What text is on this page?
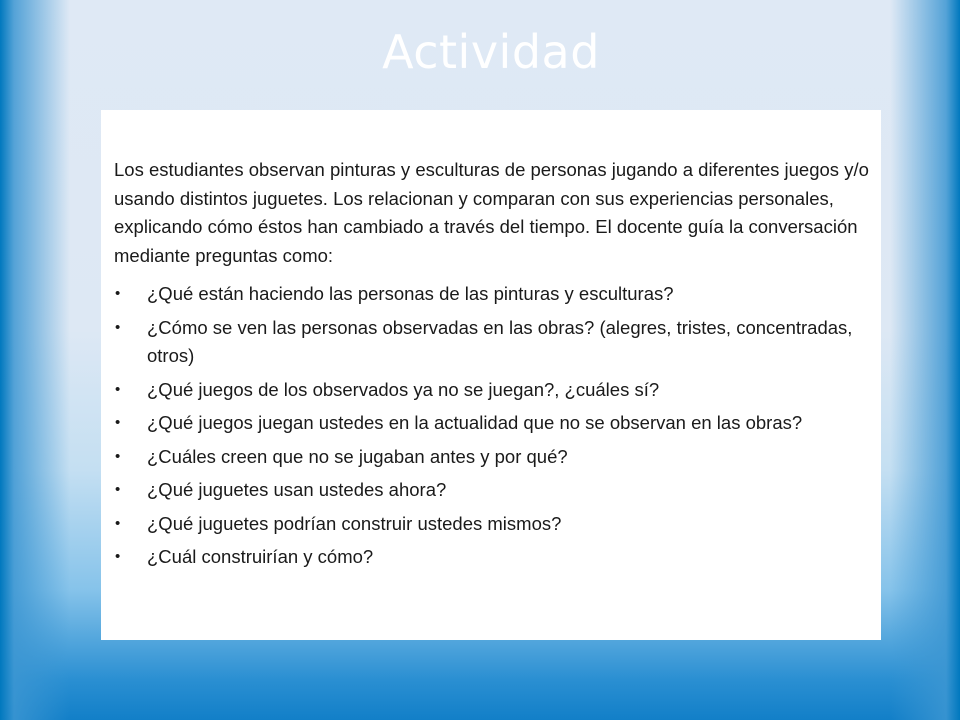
Actividad

Los estudiantes observan pinturas y esculturas de personas jugando a diferentes juegos y/o usando distintos juguetes. Los relacionan y comparan con sus experiencias personales, explicando cómo éstos han cambiado a través del tiempo. El docente guía la conversación mediante preguntas como:

• ¿Qué están haciendo las personas de las pinturas y esculturas?
• ¿Cómo se ven las personas observadas en las obras? (alegres, tristes, concentradas, otros)
• ¿Qué juegos de los observados ya no se juegan?, ¿cuáles sí?
• ¿Qué juegos juegan ustedes en la actualidad que no se observan en las obras?
• ¿Cuáles creen que no se jugaban antes y por qué?
• ¿Qué juguetes usan ustedes ahora?
• ¿Qué juguetes podrían construir ustedes mismos?
• ¿Cuál construirían y cómo?
